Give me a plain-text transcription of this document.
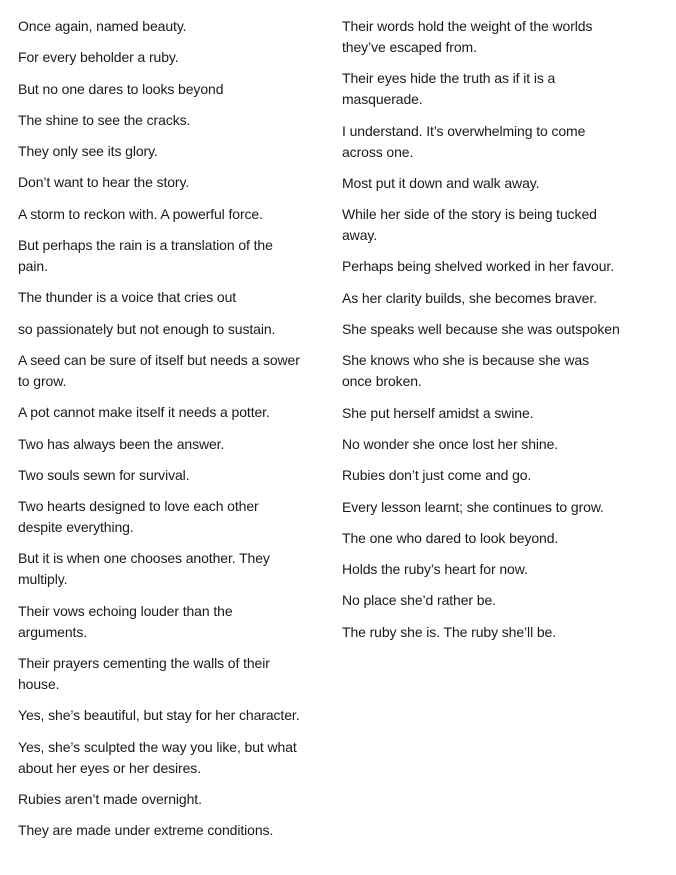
Once again, named beauty.

For every beholder a ruby.

But no one dares to looks beyond

The shine to see the cracks.

They only see its glory.

Don’t want to hear the story.

A storm to reckon with. A powerful force.

But perhaps the rain is a translation of the pain.

The thunder is a voice that cries out

so passionately but not enough to sustain.

A seed can be sure of itself but needs a sower to grow.

A pot cannot make itself it needs a potter.

Two has always been the answer.

Two souls sewn for survival.

Two hearts designed to love each other despite everything.

But it is when one chooses another. They multiply.

Their vows echoing louder than the arguments.

Their prayers cementing the walls of their house.

Yes, she’s beautiful, but stay for her character.

Yes, she’s sculpted the way you like, but what about her eyes or her desires.

Rubies aren’t made overnight.

They are made under extreme conditions.

Their words hold the weight of the worlds they’ve escaped from.

Their eyes hide the truth as if it is a masquerade.

I understand. It’s overwhelming to come across one.

Most put it down and walk away.

While her side of the story is being tucked away.

Perhaps being shelved worked in her favour.

As her clarity builds, she becomes braver.

She speaks well because she was outspoken

She knows who she is because she was once broken.

She put herself amidst a swine.

No wonder she once lost her shine.

Rubies don’t just come and go.

Every lesson learnt; she continues to grow.

The one who dared to look beyond.

Holds the ruby’s heart for now.

No place she’d rather be.

The ruby she is. The ruby she’ll be.
